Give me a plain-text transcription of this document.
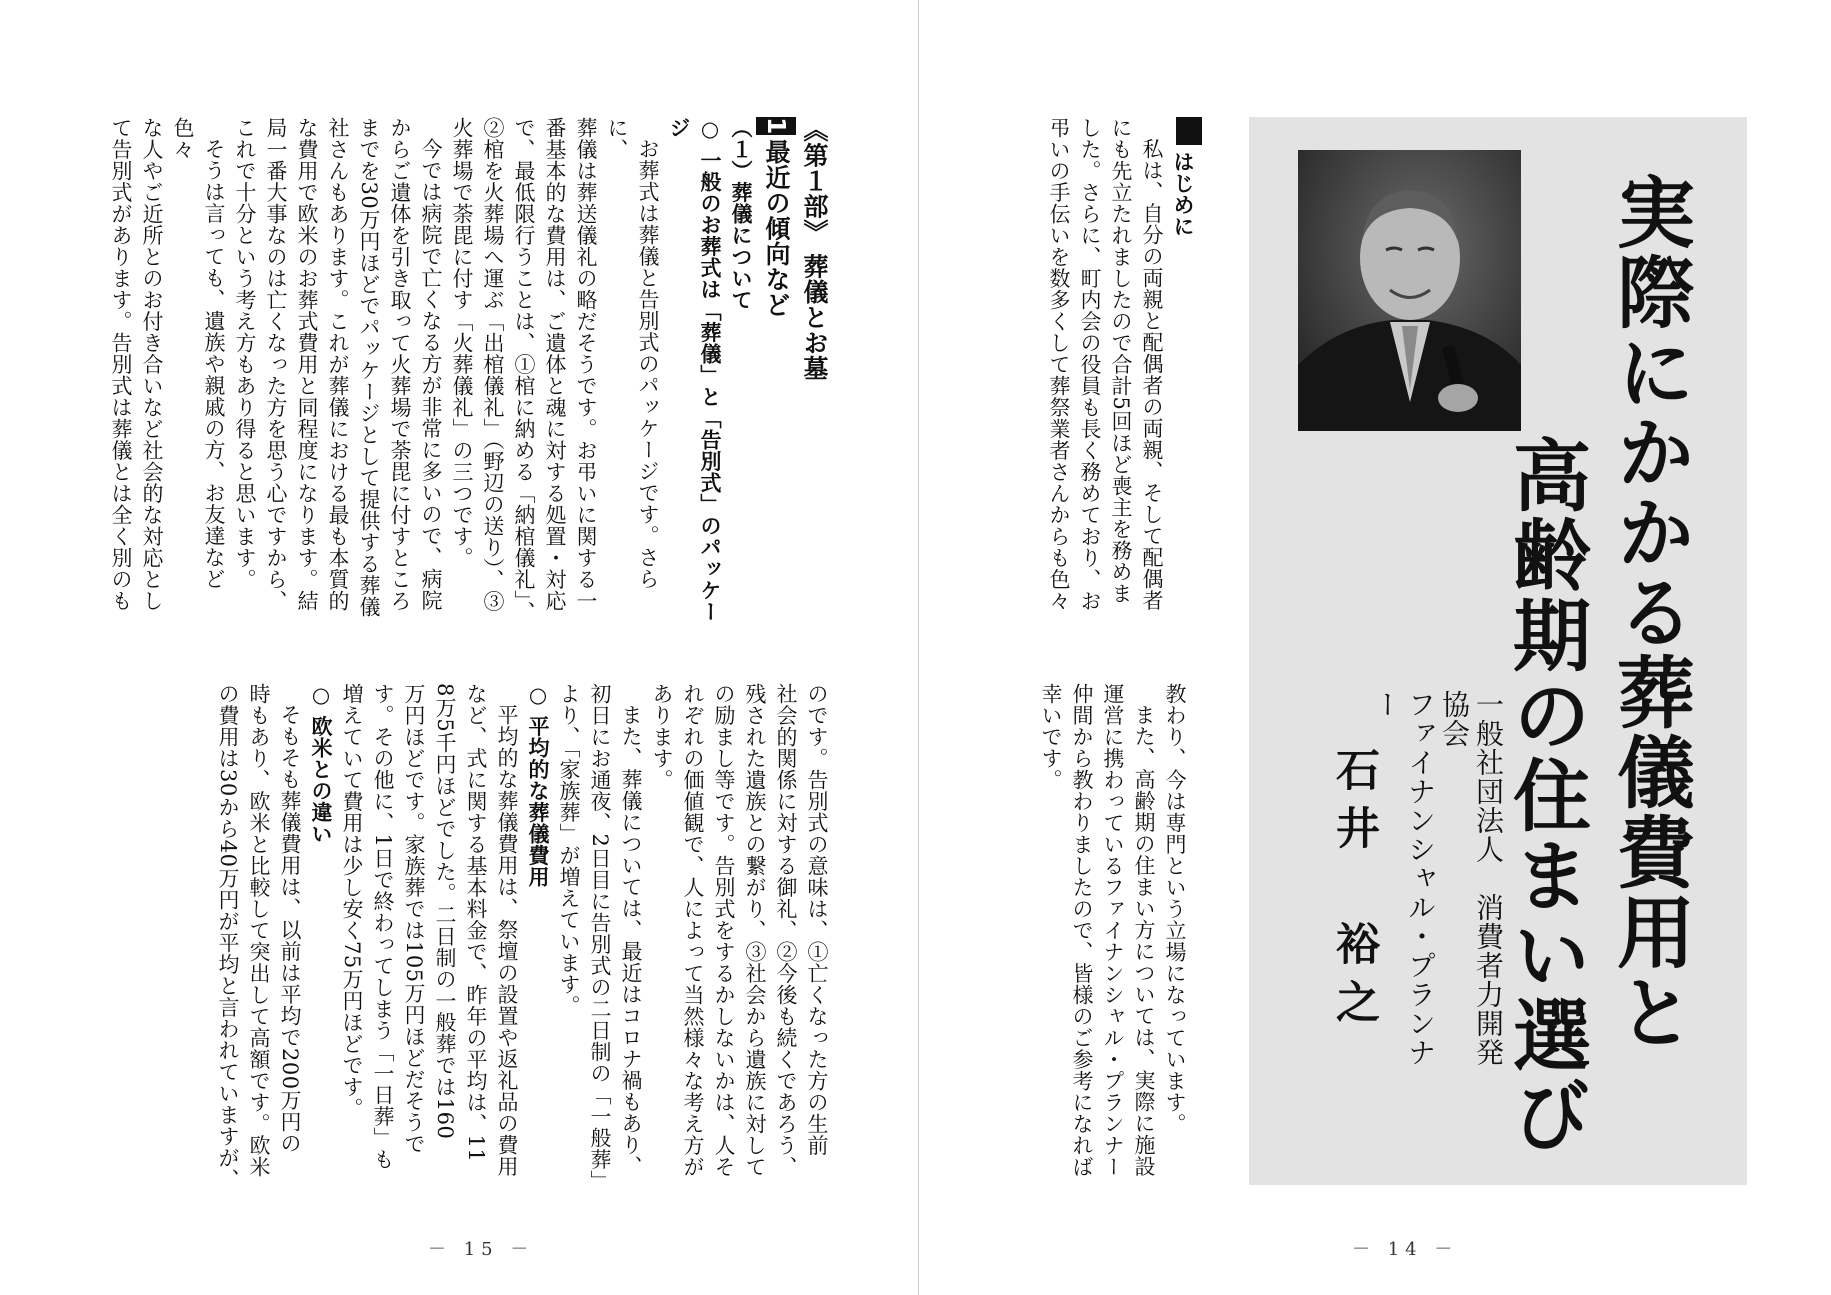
実際にかかる葬儀費用と
高齢期の住まい選び

一般社団法人　消費者力開発協会

ファイナンシャル・プランナー

石井　裕之

はじめに

私は、自分の両親と配偶者の両親、そして配偶者

にも先立たれましたので合計5回ほど喪主を務めま

した。さらに、町内会の役員も長く務めており、お

弔いの手伝いを数多くして葬祭業者さんからも色々

教わり、今は専門という立場になっています。

また、高齢期の住まい方については、実際に施設

運営に携わっているファイナンシャル・プランナー

仲間から教わりましたので、皆様のご参考になれば

幸いです。

－ 14 －

《第１部》 葬儀とお墓

1最近の傾向など

（１）葬儀について

○ 一般のお葬式は「葬儀」と「告別式」のパッケージ

お葬式は葬儀と告別式のパッケージです。さらに、

葬儀は葬送儀礼の略だそうです。お弔いに関する一

番基本的な費用は、ご遺体と魂に対する処置・対応

で、最低限行うことは、①棺に納める「納棺儀礼」、

②棺を火葬場へ運ぶ「出棺儀礼」（野辺の送り）、③

火葬場で荼毘に付す「火葬儀礼」の三つです。

今では病院で亡くなる方が非常に多いので、病院

からご遺体を引き取って火葬場で荼毘に付すところ

までを30万円ほどでパッケージとして提供する葬儀

社さんもあります。これが葬儀における最も本質的

な費用で欧米のお葬式費用と同程度になります。結

局一番大事なのは亡くなった方を思う心ですから、

これで十分という考え方もあり得ると思います。

そうは言っても、遺族や親戚の方、お友達など色々

な人やご近所とのお付き合いなど社会的な対応とし

て告別式があります。告別式は葬儀とは全く別のも

のです。告別式の意味は、①亡くなった方の生前

社会的関係に対する御礼、②今後も続くであろう、

残された遺族との繋がり、③社会から遺族に対して

の励まし等です。告別式をするかしないかは、人そ

れぞれの価値観で、人によって当然様々な考え方が

あります。

また、葬儀については、最近はコロナ禍もあり、

初日にお通夜、2日目に告別式の二日制の「一般葬」

より、「家族葬」が増えています。

○ 平均的な葬儀費用

平均的な葬儀費用は、祭壇の設置や返礼品の費用

など、式に関する基本料金で、昨年の平均は、11

8万5千円ほどでした。二日制の一般葬では160

万円ほどです。家族葬では105万円ほどだそうで

す。その他に、1日で終わってしまう「一日葬」も

増えていて費用は少し安く75万円ほどです。

○ 欧米との違い

そもそも葬儀費用は、以前は平均で200万円の

時もあり、欧米と比較して突出して高額です。欧米

の費用は30から40万円が平均と言われていますが、

－ 15 －
